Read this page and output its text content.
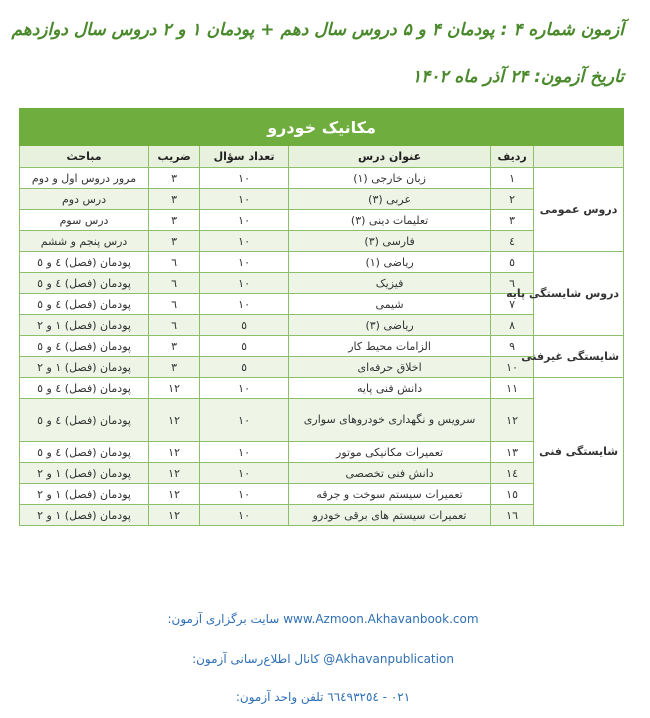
آزمون شماره ۴ : پودمان ۴ و ۵ دروس سال دهم + پودمان ۱ و ۲ دروس سال دوازدهم
تاریخ آزمون: ۲۴ آذر ماه ۱۴۰۲
مکانیک خودرو					
	ردیف	عنوان درس	تعداد سؤال	ضریب	مباحث
دروس عمومی	۱	زبان خارجی (۱)	۱۰	۳	مرور دروس اول و دوم
	۲	عربی (۳)	۱۰	۳	درس دوم
	۳	تعلیمات دینی (۳)	۱۰	۳	درس سوم
	٤	فارسی (۳)	۱۰	۳	درس پنجم و ششم
دروس شایستگی پایه	٥	ریاضی (۱)	۱۰	٦	پودمان (فصل) ٤ و ٥
	٦	فیزیک	۱۰	٦	پودمان (فصل) ٤ و ٥
	٧	شیمی	۱۰	٦	پودمان (فصل) ٤ و ٥
	٨	ریاضی (۳)	٥	٦	پودمان (فصل) ۱ و ۲
شایستگی غیرفنی	۹	الزامات محیط کار	٥	۳	پودمان (فصل) ٤ و ٥
	۱۰	اخلاق حرفه‌ای	٥	۳	پودمان (فصل) ۱ و ۲
شایستگی فنی	۱۱	دانش فنی پایه	۱۰	۱۲	پودمان (فصل) ٤ و ٥
	۱۲	سرویس و نگهداری خودروهای سواری	۱۰	۱۲	پودمان (فصل) ٤ و ٥
	۱۳	تعمیرات مکانیکی موتور	۱۰	۱۲	پودمان (فصل) ٤ و ٥
	۱٤	دانش فنی تخصصی	۱۰	۱۲	پودمان (فصل) ۱ و ۲
	۱٥	تعمیرات سیستم سوخت و جرقه	۱۰	۱۲	پودمان (فصل) ۱ و ۲
	۱٦	تعمیرات سیستم های برقی خودرو	۱۰	۱۲	پودمان (فصل) ۱ و ۲
سایت برگزاری آزمون: www.Azmoon.Akhavanbook.com
کانال اطلاع‌رسانی آزمون: @Akhavanpublication
تلفن واحد آزمون: ۰۲۱ - ٦٦٤٩٣٢٥٤
